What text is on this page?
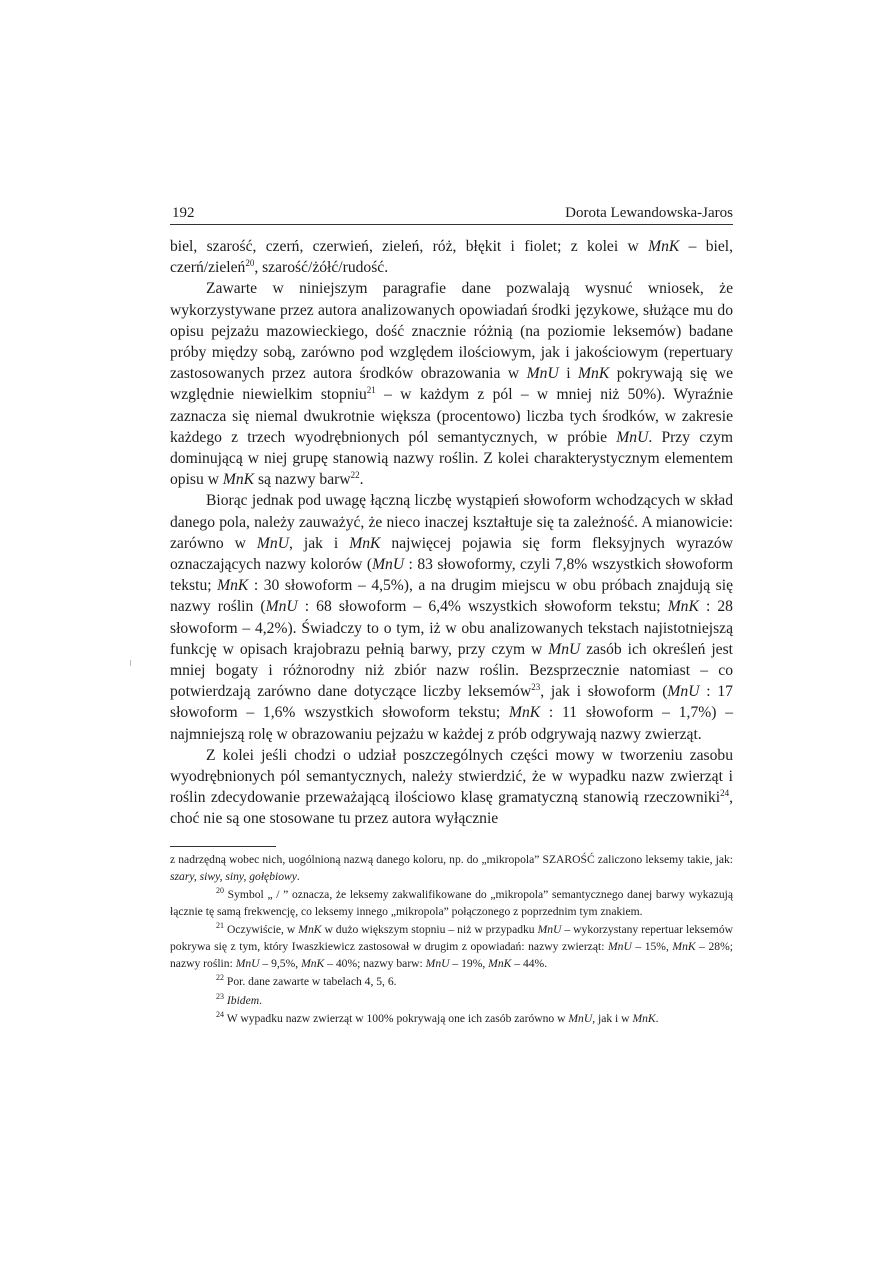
192	Dorota Lewandowska-Jaros

biel, szarość, czerń, czerwień, zieleń, róż, błękit i fiolet; z kolei w MnK – biel, czerń/zieleń$^{20}$, szarość/żółć/rudość.

Zawarte w niniejszym paragrafie dane pozwalają wysnuć wniosek, że wykorzystywane przez autora analizowanych opowiadań środki językowe, służące mu do opisu pejzażu mazowieckiego, dość znacznie różnią (na poziomie leksemów) badane próby między sobą, zarówno pod względem ilościowym, jak i jakościowym (repertuary zastosowanych przez autora środków obrazowania w MnU i MnK pokrywają się we względnie niewielkim stopniu$^{21}$ – w każdym z pól – w mniej niż 50%). Wyraźnie zaznacza się niemal dwukrotnie większa (procentowo) liczba tych środków, w zakresie każdego z trzech wyodrębnionych pól semantycznych, w próbie MnU. Przy czym dominującą w niej grupę stanowią nazwy roślin. Z kolei charakterystycznym elementem opisu w MnK są nazwy barw$^{22}$.

Biorąc jednak pod uwagę łączną liczbę wystąpień słowoform wchodzących w skład danego pola, należy zauważyć, że nieco inaczej kształtuje się ta zależność. A mianowicie: zarówno w MnU, jak i MnK najwięcej pojawia się form fleksyjnych wyrazów oznaczających nazwy kolorów (MnU : 83 słowoformy, czyli 7,8% wszystkich słowoform tekstu; MnK : 30 słowoform – 4,5%), a na drugim miejscu w obu próbach znajdują się nazwy roślin (MnU : 68 słowoform – 6,4% wszystkich słowoform tekstu; MnK : 28 słowoform – 4,2%). Świadczy to o tym, iż w obu analizowanych tekstach najistotniejszą funkcję w opisach krajobrazu pełnią barwy, przy czym w MnU zasób ich określeń jest mniej bogaty i różnorodny niż zbiór nazw roślin. Bezsprzecznie natomiast – co potwierdzają zarówno dane dotyczące liczby leksemów$^{23}$, jak i słowoform (MnU : 17 słowoform – 1,6% wszystkich słowoform tekstu; MnK : 11 słowoform – 1,7%) – najmniejszą rolę w obrazowaniu pejzażu w każdej z prób odgrywają nazwy zwierząt.

Z kolei jeśli chodzi o udział poszczególnych części mowy w tworzeniu zasobu wyodrębnionych pól semantycznych, należy stwierdzić, że w wypadku nazw zwierząt i roślin zdecydowanie przeważającą ilościowo klasę gramatyczną stanowią rzeczowniki$^{24}$, choć nie są one stosowane tu przez autora wyłącznie

z nadrzędną wobec nich, uogólnioną nazwą danego koloru, np. do „mikropola” SZAROŚĆ zaliczono leksemy takie, jak: szary, siwy, siny, gołębiowy.

$^{20}$ Symbol „ / ” oznacza, że leksemy zakwalifikowane do „mikropola” semantycznego danej barwy wykazują łącznie tę samą frekwencję, co leksemy innego „mikropola” połączonego z poprzednim tym znakiem.

$^{21}$ Oczywiście, w MnK w dużo większym stopniu – niż w przypadku MnU – wykorzystany repertuar leksemów pokrywa się z tym, który Iwaszkiewicz zastosował w drugim z opowiadań: nazwy zwierząt: MnU – 15%, MnK – 28%; nazwy roślin: MnU – 9,5%, MnK – 40%; nazwy barw: MnU – 19%, MnK – 44%.

$^{22}$ Por. dane zawarte w tabelach 4, 5, 6.

$^{23}$ Ibidem.

$^{24}$ W wypadku nazw zwierząt w 100% pokrywają one ich zasób zarówno w MnU, jak i w MnK.
